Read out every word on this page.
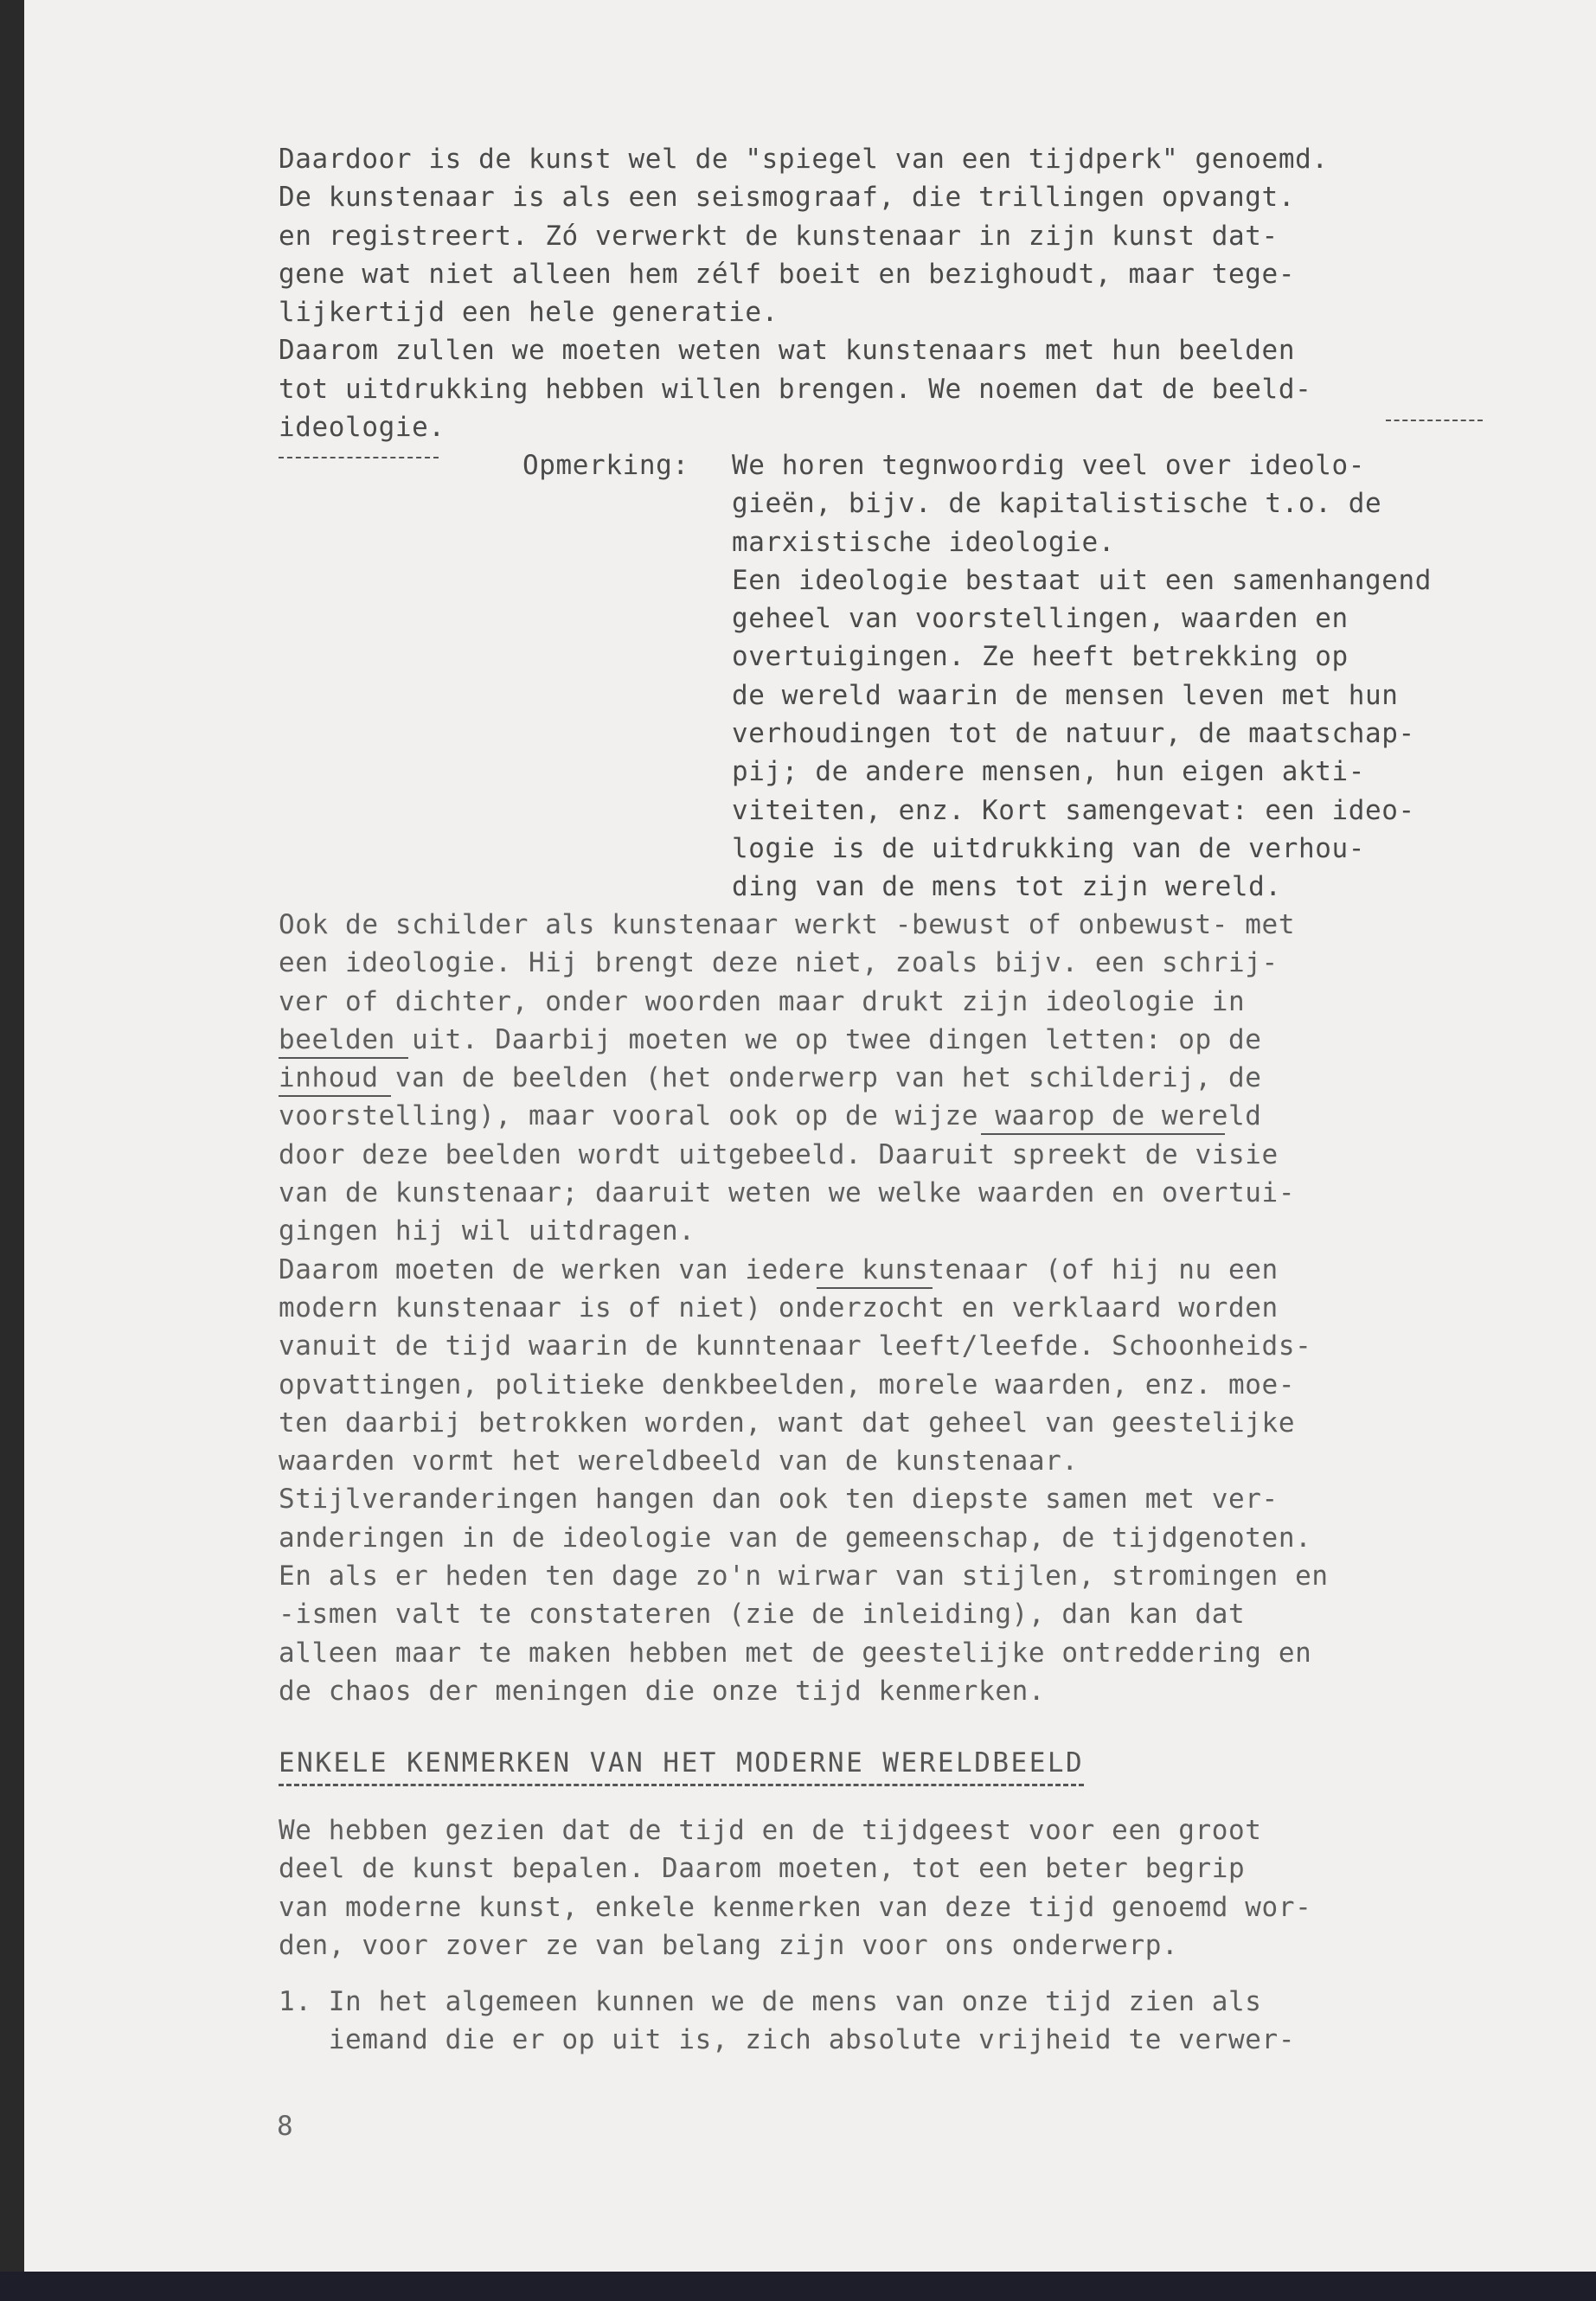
Daardoor is de kunst wel de "spiegel van een tijdperk" genoemd.
De kunstenaar is als een seismograaf, die trillingen opvangt.
en registreert. Zó verwerkt de kunstenaar in zijn kunst dat-
gene wat niet alleen hem zélf boeit en bezighoudt, maar tege-
lijkertijd een hele generatie.
Daarom zullen we moeten weten wat kunstenaars met hun beelden
tot uitdrukking hebben willen brengen. We noemen dat de beeld-
ideologie.
Opmerking:	We horen tegnwoordig veel over ideolo-
gieën, bijv. de kapitalistische t.o. de
marxistische ideologie.
Een ideologie bestaat uit een samenhangend
geheel van voorstellingen, waarden en
overtuigingen. Ze heeft betrekking op
de wereld waarin de mensen leven met hun
verhoudingen tot de natuur, de maatschap-
pij; de andere mensen, hun eigen akti-
viteiten, enz. Kort samengevat: een ideo-
logie is de uitdrukking van de verhou-
ding van de mens tot zijn wereld.
Ook de schilder als kunstenaar werkt -bewust of onbewust- met
een ideologie. Hij brengt deze niet, zoals bijv. een schrij-
ver of dichter, onder woorden maar drukt zijn ideologie in
beelden uit. Daarbij moeten we op twee dingen letten: op de
inhoud van de beelden (het onderwerp van het schilderij, de
voorstelling), maar vooral ook op de wijze waarop de wereld
door deze beelden wordt uitgebeeld. Daaruit spreekt de visie
van de kunstenaar; daaruit weten we welke waarden en overtui-
gingen hij wil uitdragen.
Daarom moeten de werken van iedere kunstenaar (of hij nu een
modern kunstenaar is of niet) onderzocht en verklaard worden
vanuit de tijd waarin de kunntenaar leeft/leefde. Schoonheids-
opvattingen, politieke denkbeelden, morele waarden, enz. moe-
ten daarbij betrokken worden, want dat geheel van geestelijke
waarden vormt het wereldbeeld van de kunstenaar.
Stijlveranderingen hangen dan ook ten diepste samen met ver-
anderingen in de ideologie van de gemeenschap, de tijdgenoten.
En als er heden ten dage zo'n wirwar van stijlen, stromingen en
-ismen valt te constateren (zie de inleiding), dan kan dat
alleen maar te maken hebben met de geestelijke ontreddering en
de chaos der meningen die onze tijd kenmerken.
ENKELE KENMERKEN VAN HET MODERNE WERELDBEELD
We hebben gezien dat de tijd en de tijdgeest voor een groot
deel de kunst bepalen. Daarom moeten, tot een beter begrip
van moderne kunst, enkele kenmerken van deze tijd genoemd wor-
den, voor zover ze van belang zijn voor ons onderwerp.
1. In het algemeen kunnen we de mens van onze tijd zien als
iemand die er op uit is, zich absolute vrijheid te verwer-
8
